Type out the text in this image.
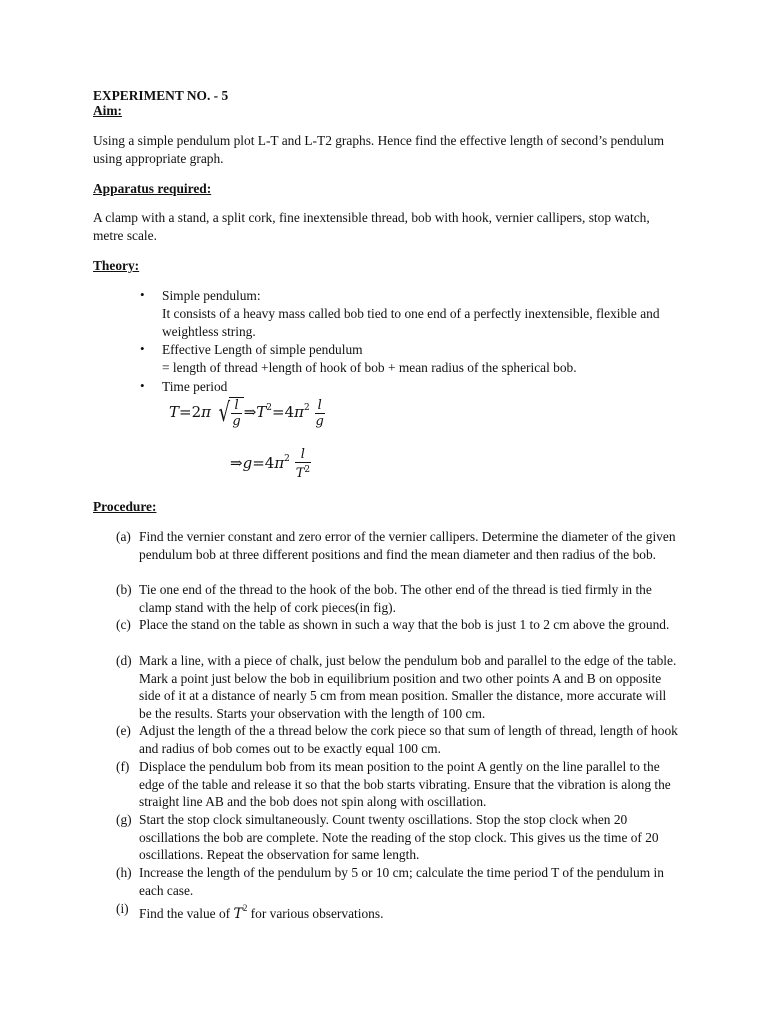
EXPERIMENT NO. - 5
Aim:
Using a simple pendulum plot L-T and L-T2 graphs. Hence find the effective length of second’s pendulum using appropriate graph.
Apparatus required:
A clamp with a stand, a split cork, fine inextensible thread, bob with hook, vernier callipers, stop watch, metre scale.
Theory:
• Simple pendulum:
It consists of a heavy mass called bob tied to one end of a perfectly inextensible, flexible and weightless string.
• Effective Length of simple pendulum
= length of thread +length of hook of bob + mean radius of the spherical bob.
• Time period
T=2π √ $\frac{l}{g}$ $\Rightarrow T^2=4\pi^2 \frac{l}{g}$
$\Rightarrow g=4\pi^2 \frac{l}{T^2}$
Procedure:
(a) Find the vernier constant and zero error of the vernier callipers. Determine the diameter of the given pendulum bob at three different positions and find the mean diameter and then radius of the bob.
(b) Tie one end of the thread to the hook of the bob. The other end of the thread is tied firmly in the clamp stand with the help of cork pieces(in fig).
(c) Place the stand on the table as shown in such a way that the bob is just 1 to 2 cm above the ground.
(d) Mark a line, with a piece of chalk, just below the pendulum bob and parallel to the edge of the table. Mark a point just below the bob in equilibrium position and two other points A and B on opposite side of it at a distance of nearly 5 cm from mean position. Smaller the distance, more accurate will be the results. Starts your observation with the length of 100 cm.
(e) Adjust the length of the a thread below the cork piece so that sum of length of thread, length of hook and radius of bob comes out to be exactly equal 100 cm.
(f) Displace the pendulum bob from its mean position to the point A gently on the line parallel to the edge of the table and release it so that the bob starts vibrating. Ensure that the vibration is along the straight line AB and the bob does not spin along with oscillation.
(g) Start the stop clock simultaneously. Count twenty oscillations. Stop the stop clock when 20 oscillations the bob are complete. Note the reading of the stop clock. This gives us the time of 20 oscillations. Repeat the observation for same length.
(h) Increase the length of the pendulum by 5 or 10 cm; calculate the time period T of the pendulum in each case.
(i) Find the value of $T^2$ for various observations.
